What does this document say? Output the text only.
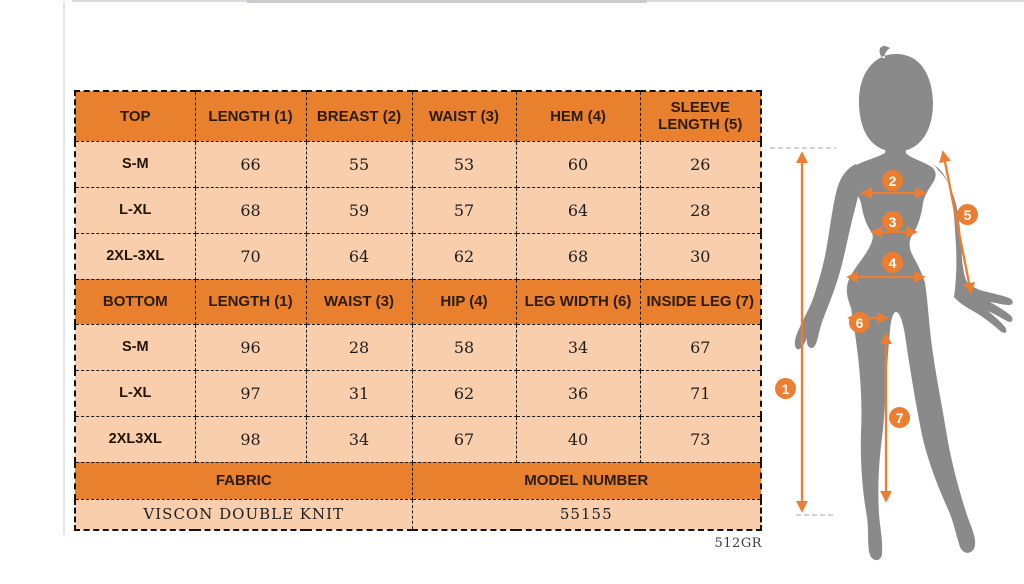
TOP	LENGTH (1)	BREAST (2)	WAIST (3)	HEM (4)	SLEEVE LENGTH (5)
S-M	66	55	53	60	26
L-XL	68	59	57	64	28
2XL-3XL	70	64	62	68	30
BOTTOM	LENGTH (1)	WAIST (3)	HIP (4)	LEG WIDTH (6)	INSIDE LEG (7)
S-M	96	28	58	34	67
L-XL	97	31	62	36	71
2XL3XL	98	34	67	40	73
FABRIC			MODEL NUMBER		
VISCON DOUBLE KNIT			55155		
512GR
1
2
3
4
5
6
7
